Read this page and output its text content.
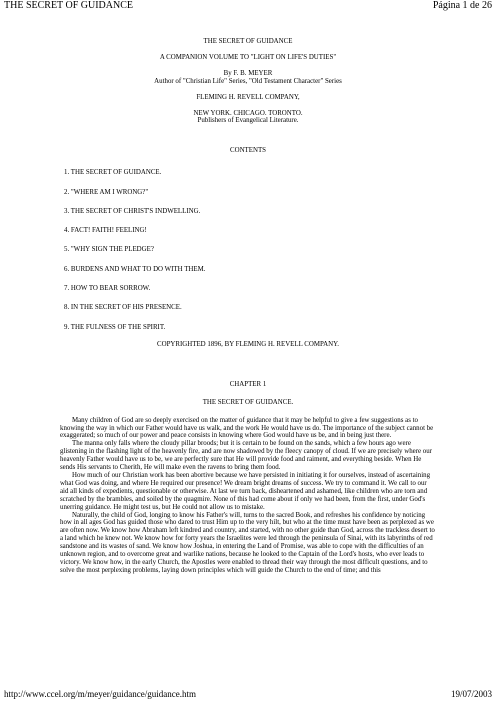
THE SECRET OF GUIDANCE	Página 1 de 26

THE SECRET OF GUIDANCE

A COMPANION VOLUME TO "LIGHT ON LIFE'S DUTIES"

By F. B. MEYER

Author of "Christian Life" Series, "Old Testament Character" Series

FLEMING H. REVELL COMPANY,

NEW YORK. CHICAGO. TORONTO.

Publishers of Evangelical Literature.

CONTENTS

1. THE SECRET OF GUIDANCE.
2. "WHERE AM I WRONG?"
3. THE SECRET OF CHRIST'S INDWELLING.
4. FACT! FAITH! FEELING!
5. "WHY SIGN THE PLEDGE?
6. BURDENS AND WHAT TO DO WITH THEM.
7. HOW TO BEAR SORROW.
8. IN THE SECRET OF HIS PRESENCE.
9. THE FULNESS OF THE SPIRIT.

COPYRIGHTED 1896, BY FLEMING H. REVELL COMPANY.

CHAPTER 1

THE SECRET OF GUIDANCE.

Many children of God are so deeply exercised on the matter of guidance that it may be helpful to give a few suggestions as to knowing the way in which our Father would have us walk, and the work He would have us do. The importance of the subject cannot be exaggerated; so much of our power and peace consists in knowing where God would have us be, and in being just there.

The manna only falls where the cloudy pillar broods; but it is certain to be found on the sands, which a few hours ago were glistening in the flashing light of the heavenly fire, and are now shadowed by the fleecy canopy of cloud. If we are precisely where our heavenly Father would have us to be, we are perfectly sure that He will provide food and raiment, and everything beside. When He sends His servants to Cherith, He will make even the ravens to bring them food.

How much of our Christian work has been abortive because we have persisted in initiating it for ourselves, instead of ascertaining what God was doing, and where He required our presence! We dream bright dreams of success. We try to command it. We call to our aid all kinds of expedients, questionable or otherwise. At last we turn back, disheartened and ashamed, like children who are torn and scratched by the brambles, and soiled by the quagmire. None of this had come about if only we had been, from the first, under God's unerring guidance. He might test us, but He could not allow us to mistake.

Naturally, the child of God, longing to know his Father's will, turns to the sacred Book, and refreshes his confidence by noticing how in all ages God has guided those who dared to trust Him up to the very hilt, but who at the time must have been as perplexed as we are often now. We know how Abraham left kindred and country, and started, with no other guide than God, across the trackless desert to a land which he knew not. We know how for forty years the Israelites were led through the peninsula of Sinai, with its labyrinths of red sandstone and its wastes of sand. We know how Joshua, in entering the Land of Promise, was able to cope with the difficulties of an unknown region, and to overcome great and warlike nations, because he looked to the Captain of the Lord's hosts, who ever leads to victory. We know how, in the early Church, the Apostles were enabled to thread their way through the most difficult questions, and to solve the most perplexing problems, laying down principles which will guide the Church to the end of time; and this

http://www.ccel.org/m/meyer/guidance/guidance.htm	19/07/2003
